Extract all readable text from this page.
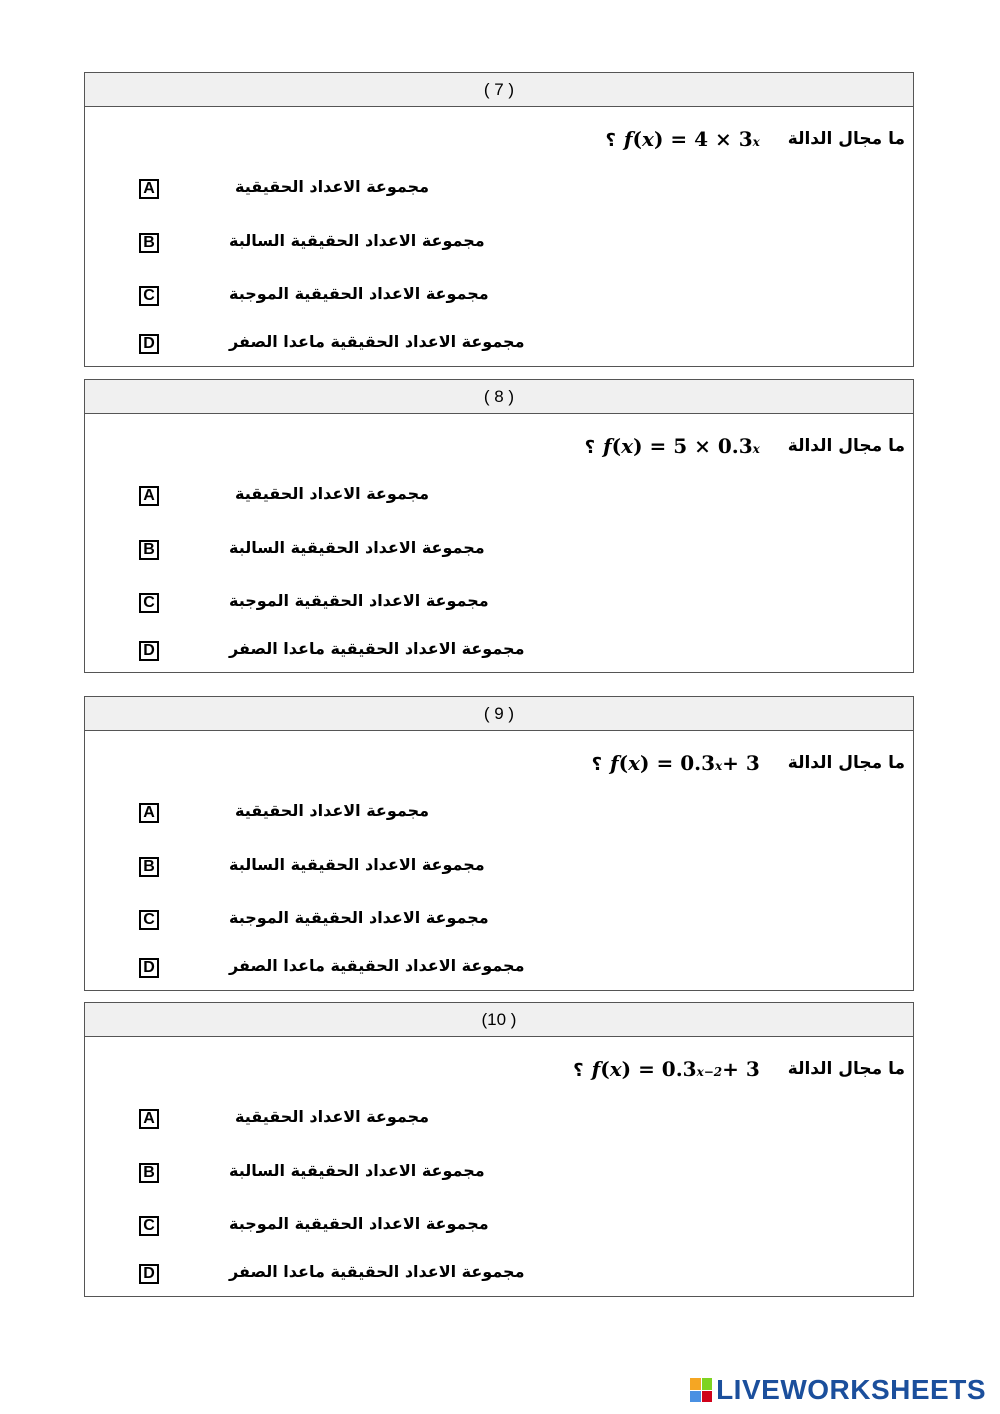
( 7 )
؟ f ( x ) = 4 × 3 x ما مجال الدالة
A	مجموعة الاعداد الحقيقية
B	مجموعة الاعداد الحقيقية السالبة
C	مجموعة الاعداد الحقيقية الموجبة
D	مجموعة الاعداد الحقيقية ماعدا الصفر
( 8 )
؟ f ( x ) = 5 × 0.3 x ما مجال الدالة
A	مجموعة الاعداد الحقيقية
B	مجموعة الاعداد الحقيقية السالبة
C	مجموعة الاعداد الحقيقية الموجبة
D	مجموعة الاعداد الحقيقية ماعدا الصفر
( 9 )
؟ f ( x ) = 0.3 x + 3 ما مجال الدالة
A	مجموعة الاعداد الحقيقية
B	مجموعة الاعداد الحقيقية السالبة
C	مجموعة الاعداد الحقيقية الموجبة
D	مجموعة الاعداد الحقيقية ماعدا الصفر
(10 )
؟ f ( x ) = 0.3 x−2 + 3 ما مجال الدالة
A	مجموعة الاعداد الحقيقية
B	مجموعة الاعداد الحقيقية السالبة
C	مجموعة الاعداد الحقيقية الموجبة
D	مجموعة الاعداد الحقيقية ماعدا الصفر
LIVEWORKSHEETS
